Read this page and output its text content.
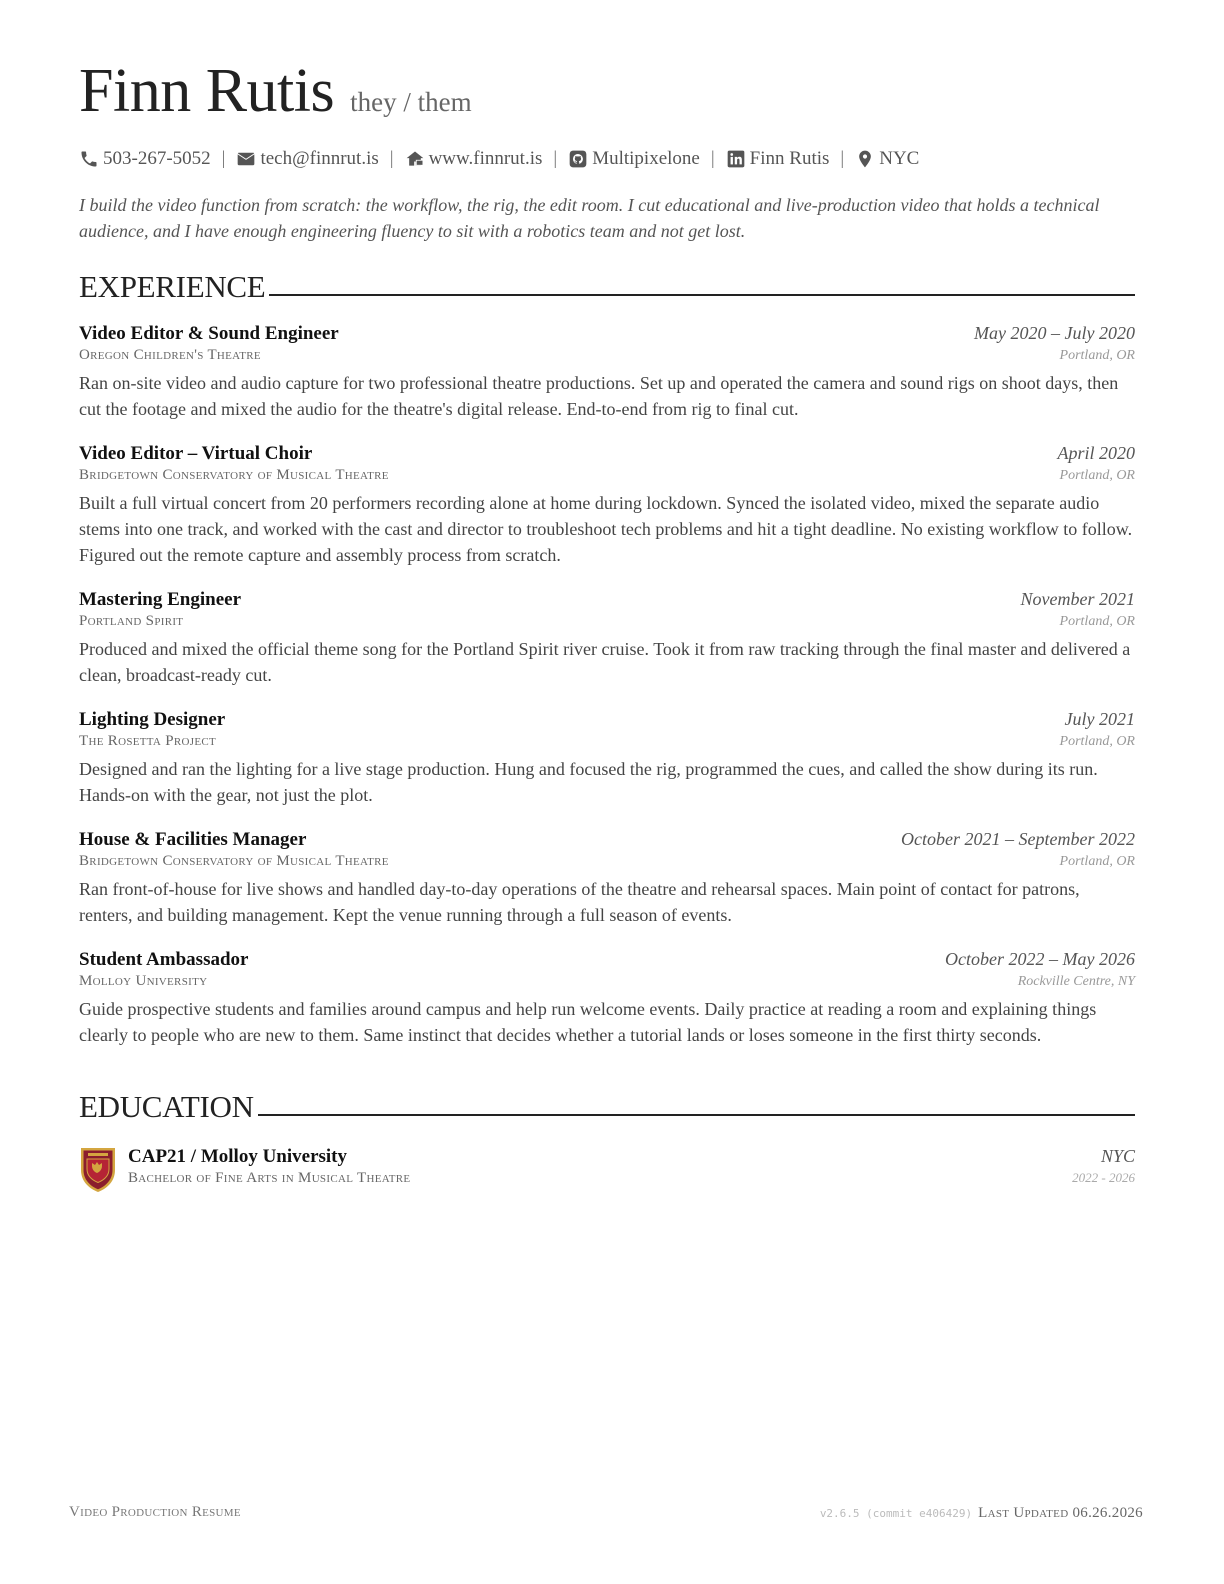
Finn Rutis they / them
503-267-5052 | tech@finnrut.is | www.finnrut.is | Multipixelone | Finn Rutis | NYC
I build the video function from scratch: the workflow, the rig, the edit room. I cut educational and live-production video that holds a technical audience, and I have enough engineering fluency to sit with a robotics team and not get lost.
EXPERIENCE
Video Editor & Sound Engineer	May 2020 – July 2020
Oregon Children's Theatre	Portland, OR
Ran on-site video and audio capture for two professional theatre productions. Set up and operated the camera and sound rigs on shoot days, then cut the footage and mixed the audio for the theatre's digital release. End-to-end from rig to final cut.
Video Editor – Virtual Choir	April 2020
Bridgetown Conservatory of Musical Theatre	Portland, OR
Built a full virtual concert from 20 performers recording alone at home during lockdown. Synced the isolated video, mixed the separate audio stems into one track, and worked with the cast and director to troubleshoot tech problems and hit a tight deadline. No existing workflow to follow. Figured out the remote capture and assembly process from scratch.
Mastering Engineer	November 2021
Portland Spirit	Portland, OR
Produced and mixed the official theme song for the Portland Spirit river cruise. Took it from raw tracking through the final master and delivered a clean, broadcast-ready cut.
Lighting Designer	July 2021
The Rosetta Project	Portland, OR
Designed and ran the lighting for a live stage production. Hung and focused the rig, programmed the cues, and called the show during its run. Hands-on with the gear, not just the plot.
House & Facilities Manager	October 2021 – September 2022
Bridgetown Conservatory of Musical Theatre	Portland, OR
Ran front-of-house for live shows and handled day-to-day operations of the theatre and rehearsal spaces. Main point of contact for patrons, renters, and building management. Kept the venue running through a full season of events.
Student Ambassador	October 2022 – May 2026
Molloy University	Rockville Centre, NY
Guide prospective students and families around campus and help run welcome events. Daily practice at reading a room and explaining things clearly to people who are new to them. Same instinct that decides whether a tutorial lands or loses someone in the first thirty seconds.
EDUCATION
CAP21 / Molloy University	NYC
Bachelor of Fine Arts in Musical Theatre	2022 - 2026
Video Production Resume	v2.6.5 (commit e406429) Last Updated 06.26.2026
